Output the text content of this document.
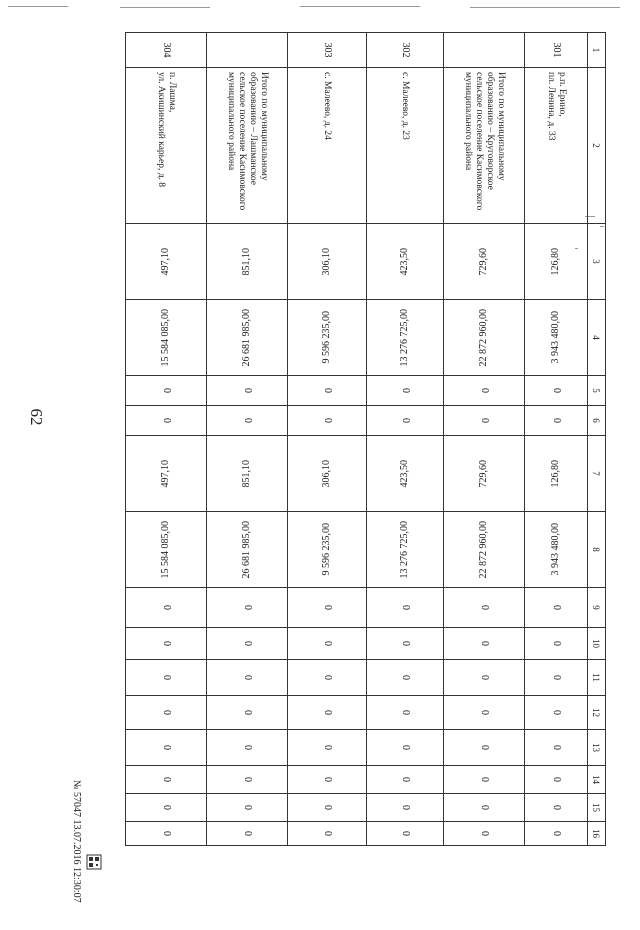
62
1	2	3	4	5	6	7	8	9	10	11	12	13	14	15	16
301	р.п. Ерино,
пл. Ленина, д. 33	126,80	3 943 480,00	0	0	126,80	3 943 480,00	0	0	0	0	0	0	0	0
	Итого по муниципальному образованию – Круговорское сельское поселение Касимовского муниципального района	729,60	22 872 960,00	0	0	729,60	22 872 960,00	0	0	0	0	0	0	0	0
302	с. Малеево, д. 23	423,50	13 276 725,00	0	0	423,50	13 276 725,00	0	0	0	0	0	0	0	0
303	с. Малеево, д. 24	306,10	9 596 235,00	0	0	306,10	9 596 235,00	0	0	0	0	0	0	0	0
	Итого по муниципальному образованию – Лашманское сельское поселение Касимовского муниципального района	851,10	26 681 985,00	0	0	851,10	26 681 985,00	0	0	0	0	0	0	0	0
304	п. Лашма,
ул. Акишинский карьер, д. 8	497,10	15 584 085,00	0	0	497,10	15 584 085,00	0	0	0	0	0	0	0	0
№ 57047 13.07.2016 12:30:07
